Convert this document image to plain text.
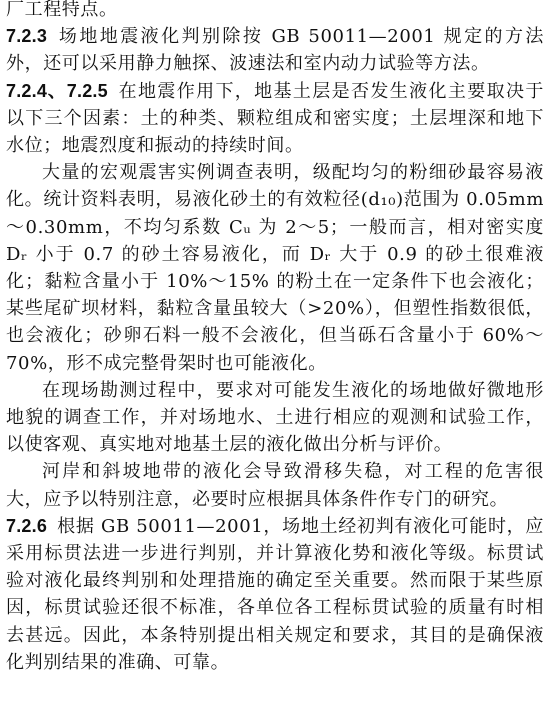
厂工程特点。

7.2.3 场地地震液化判别除按 GB 50011—2001 规定的方法外，还可以采用静力触探、波速法和室内动力试验等方法。

7.2.4、7.2.5 在地震作用下，地基土层是否发生液化主要取决于以下三个因素：土的种类、颗粒组成和密实度；土层埋深和地下水位；地震烈度和振动的持续时间。

大量的宏观震害实例调查表明，级配均匀的粉细砂最容易液化。统计资料表明，易液化砂土的有效粒径(d₁₀)范围为 0.05mm～0.30mm，不均匀系数 Cᵤ 为 2～5；一般而言，相对密实度 Dᵣ 小于 0.7 的砂土容易液化，而 Dᵣ 大于 0.9 的砂土很难液化；黏粒含量小于 10%～15% 的粉土在一定条件下也会液化；某些尾矿坝材料，黏粒含量虽较大（>20%），但塑性指数很低，也会液化；砂卵石料一般不会液化，但当砾石含量小于 60%～70%，形不成完整骨架时也可能液化。

在现场勘测过程中，要求对可能发生液化的场地做好微地形地貌的调查工作，并对场地水、土进行相应的观测和试验工作，以使客观、真实地对地基土层的液化做出分析与评价。

河岸和斜坡地带的液化会导致滑移失稳，对工程的危害很大，应予以特别注意，必要时应根据具体条件作专门的研究。

7.2.6 根据 GB 50011—2001，场地土经初判有液化可能时，应采用标贯法进一步进行判别，并计算液化势和液化等级。标贯试验对液化最终判别和处理措施的确定至关重要。然而限于某些原因，标贯试验还很不标准，各单位各工程标贯试验的质量有时相去甚远。因此，本条特别提出相关规定和要求，其目的是确保液化判别结果的准确、可靠。
